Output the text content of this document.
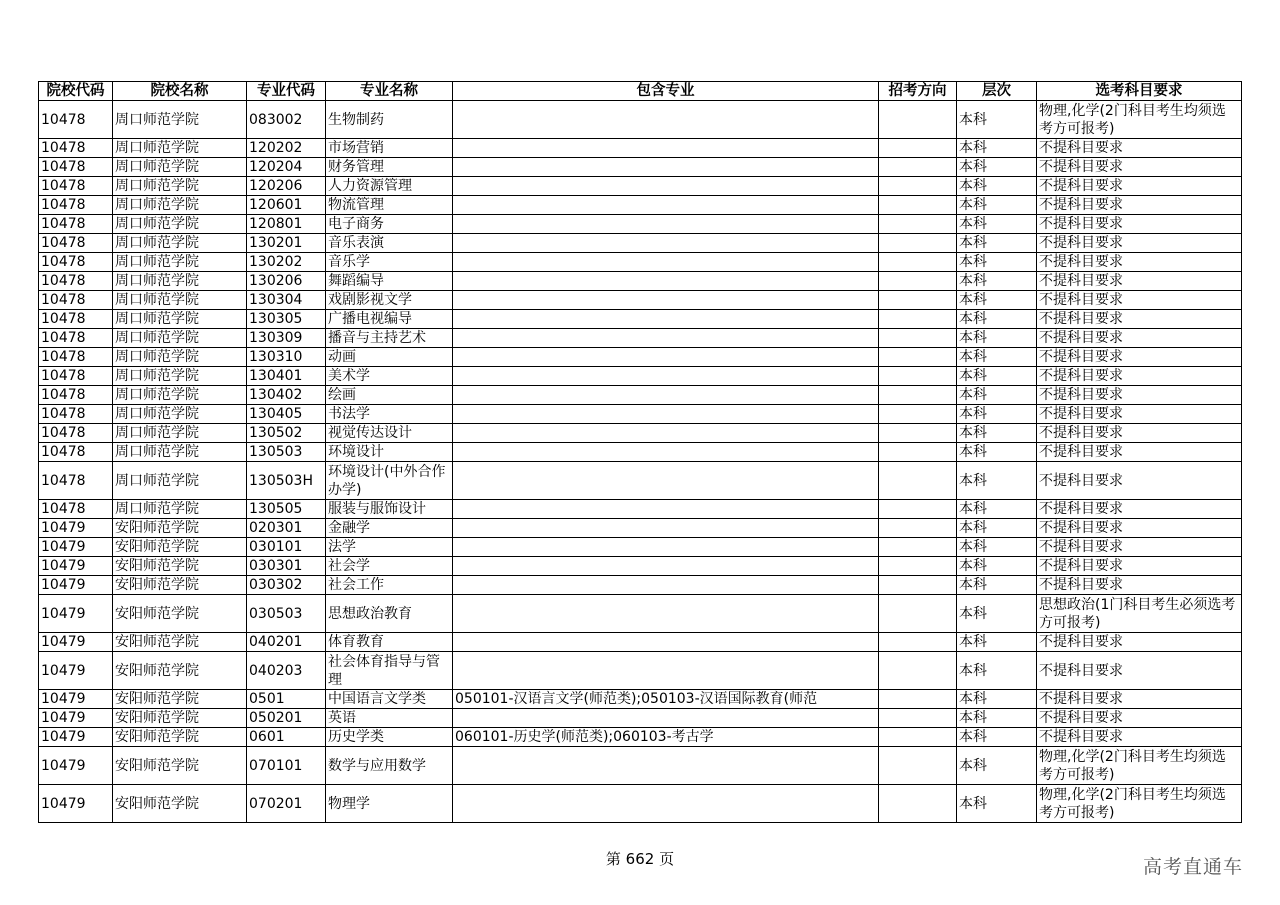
院校代码	院校名称	专业代码	专业名称	包含专业	招考方向	层次	选考科目要求
10478	周口师范学院	083002	生物制药			本科	物理,化学(2门科目考生均须选考方可报考)
10478	周口师范学院	120202	市场营销			本科	不提科目要求
10478	周口师范学院	120204	财务管理			本科	不提科目要求
10478	周口师范学院	120206	人力资源管理			本科	不提科目要求
10478	周口师范学院	120601	物流管理			本科	不提科目要求
10478	周口师范学院	120801	电子商务			本科	不提科目要求
10478	周口师范学院	130201	音乐表演			本科	不提科目要求
10478	周口师范学院	130202	音乐学			本科	不提科目要求
10478	周口师范学院	130206	舞蹈编导			本科	不提科目要求
10478	周口师范学院	130304	戏剧影视文学			本科	不提科目要求
10478	周口师范学院	130305	广播电视编导			本科	不提科目要求
10478	周口师范学院	130309	播音与主持艺术			本科	不提科目要求
10478	周口师范学院	130310	动画			本科	不提科目要求
10478	周口师范学院	130401	美术学			本科	不提科目要求
10478	周口师范学院	130402	绘画			本科	不提科目要求
10478	周口师范学院	130405	书法学			本科	不提科目要求
10478	周口师范学院	130502	视觉传达设计			本科	不提科目要求
10478	周口师范学院	130503	环境设计			本科	不提科目要求
10478	周口师范学院	130503H	环境设计(中外合作办学)			本科	不提科目要求
10478	周口师范学院	130505	服装与服饰设计			本科	不提科目要求
10479	安阳师范学院	020301	金融学			本科	不提科目要求
10479	安阳师范学院	030101	法学			本科	不提科目要求
10479	安阳师范学院	030301	社会学			本科	不提科目要求
10479	安阳师范学院	030302	社会工作			本科	不提科目要求
10479	安阳师范学院	030503	思想政治教育			本科	思想政治(1门科目考生必须选考方可报考)
10479	安阳师范学院	040201	体育教育			本科	不提科目要求
10479	安阳师范学院	040203	社会体育指导与管理			本科	不提科目要求
10479	安阳师范学院	0501	中国语言文学类	050101-汉语言文学(师范类);050103-汉语国际教育(师范		本科	不提科目要求
10479	安阳师范学院	050201	英语			本科	不提科目要求
10479	安阳师范学院	0601	历史学类	060101-历史学(师范类);060103-考古学		本科	不提科目要求
10479	安阳师范学院	070101	数学与应用数学			本科	物理,化学(2门科目考生均须选考方可报考)
10479	安阳师范学院	070201	物理学			本科	物理,化学(2门科目考生均须选考方可报考)
第 662 页	高考直通车
